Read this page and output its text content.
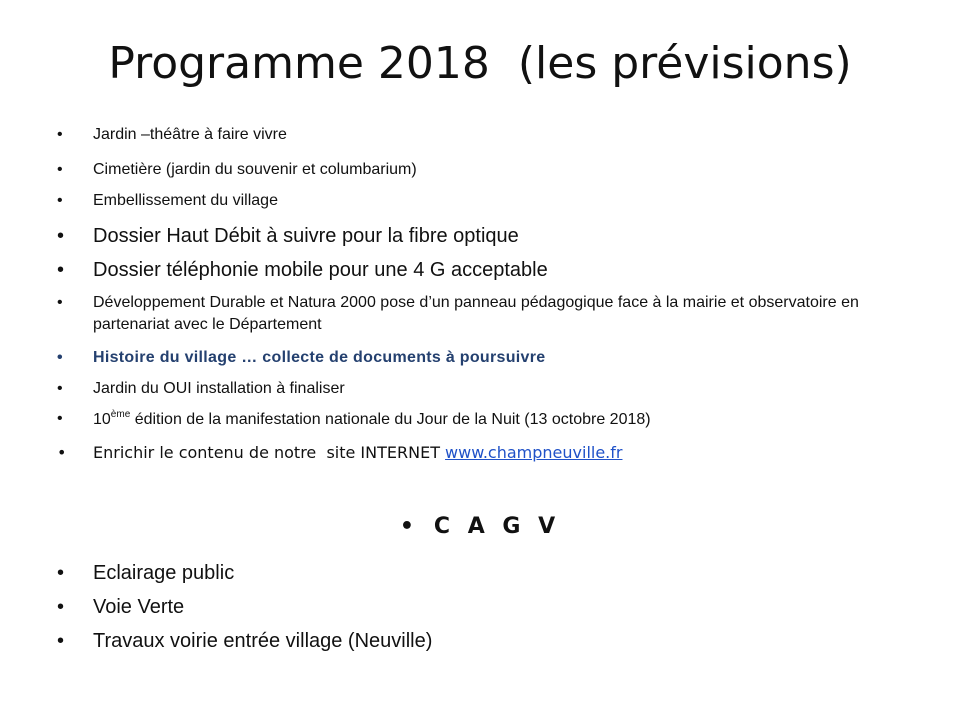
Programme 2018 (les prévisions)
•	Jardin –théâtre à faire vivre
•	Cimetière (jardin du souvenir et columbarium)
•	Embellissement du village
•	Dossier Haut Débit à suivre pour la fibre optique
•	Dossier téléphonie mobile pour une 4 G acceptable
•	Développement Durable et Natura 2000 pose d’un panneau pédagogique face à la mairie et observatoire en partenariat avec le Département
•	Histoire du village … collecte de documents à poursuivre
•	Jardin du OUI installation à finaliser
•	10ème édition de la manifestation nationale du Jour de la Nuit (13 octobre 2018)
•	Enrichir le contenu de notre  site INTERNET www.champneuville.fr
• C A G V
•	Eclairage public
•	Voie Verte
•	Travaux voirie entrée village (Neuville)
